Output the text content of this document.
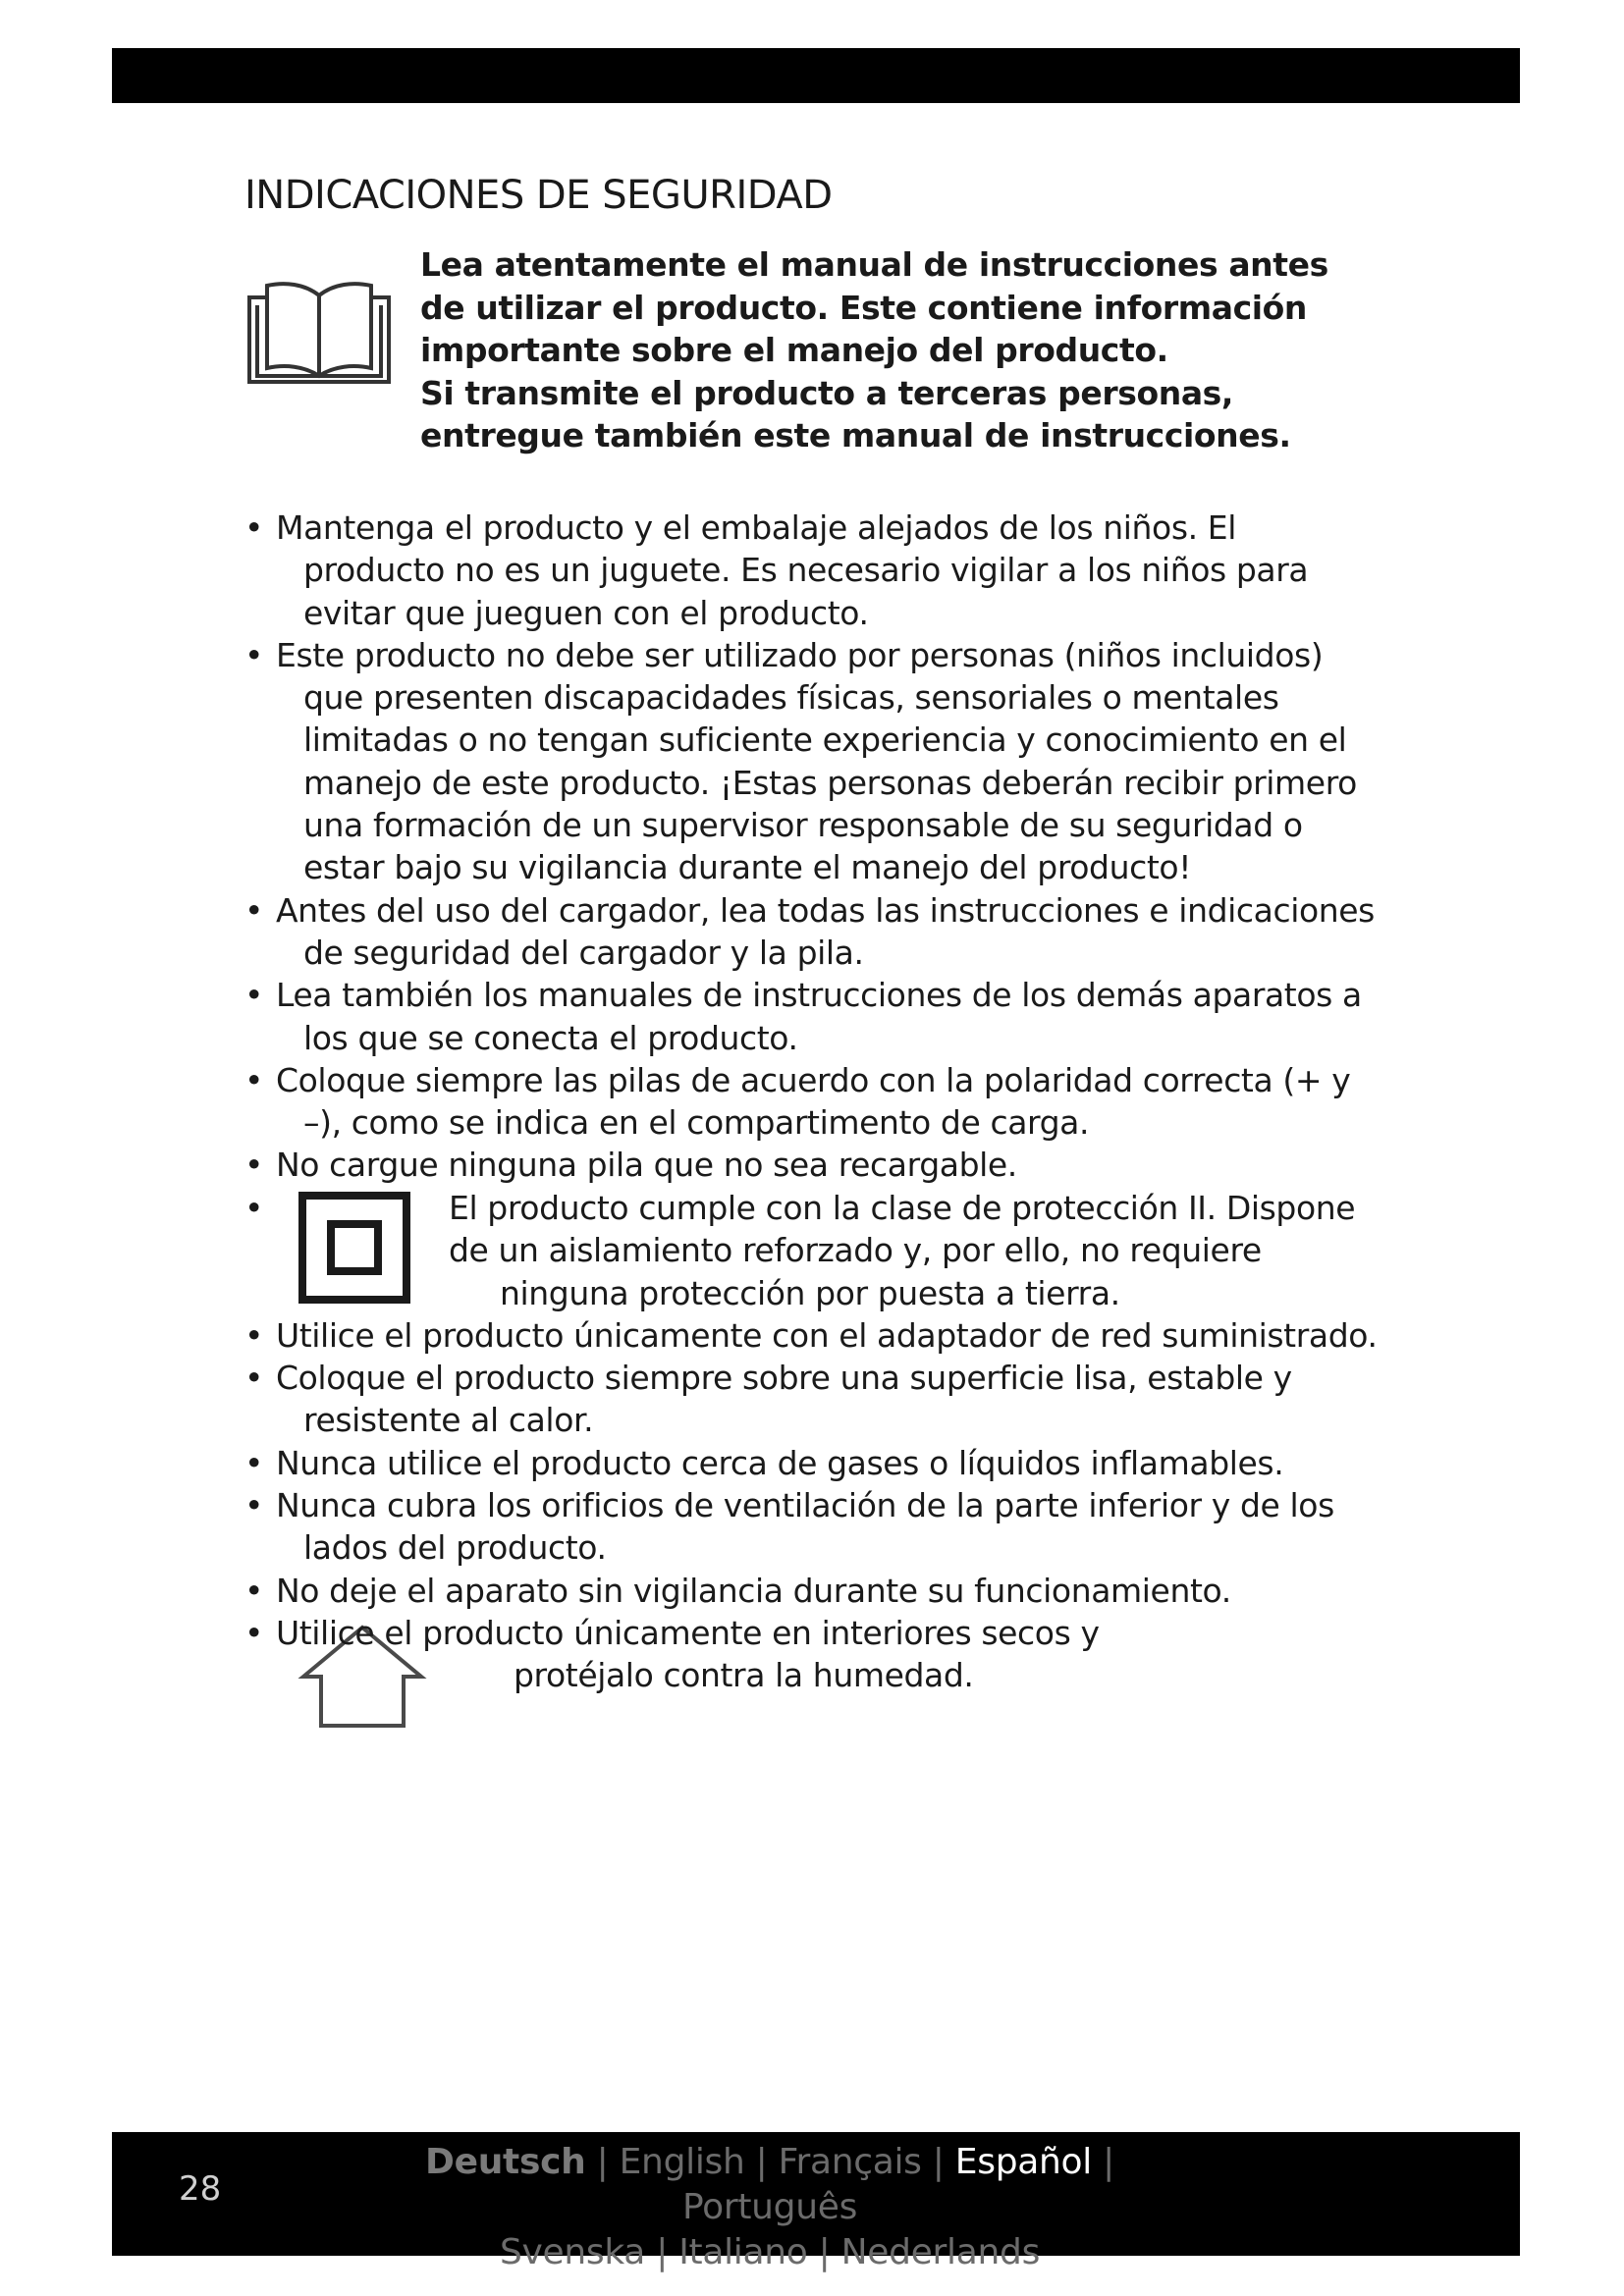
INDICACIONES DE SEGURIDAD

Lea atentamente el manual de instrucciones antes de utilizar el producto. Este contiene información importante sobre el manejo del producto.

Si transmite el producto a terceras personas, entregue también este manual de instrucciones.

• Mantenga el producto y el embalaje alejados de los niños. El producto no es un juguete. Es necesario vigilar a los niños para evitar que jueguen con el producto.
• Este producto no debe ser utilizado por personas (niños incluidos) que presenten discapacidades físicas, sensoriales o mentales limitadas o no tengan suficiente experiencia y conocimiento en el manejo de este producto. ¡Estas personas deberán recibir primero una formación de un supervisor responsable de su seguridad o estar bajo su vigilancia durante el manejo del producto!
• Antes del uso del cargador, lea todas las instrucciones e indicaciones de seguridad del cargador y la pila.
• Lea también los manuales de instrucciones de los demás aparatos a los que se conecta el producto.
• Coloque siempre las pilas de acuerdo con la polaridad correcta (+ y –), como se indica en el compartimento de carga.
• No cargue ninguna pila que no sea recargable.
•	El producto cumple con la clase de protección II. Dispone de un aislamiento reforzado y, por ello, no requiere
ninguna protección por puesta a tierra.
• Utilice el producto únicamente con el adaptador de red suministrado.
• Coloque el producto siempre sobre una superficie lisa, estable y resistente al calor.
• Nunca utilice el producto cerca de gases o líquidos inflamables.
• Nunca cubra los orificios de ventilación de la parte inferior y de los lados del producto.
• No deje el aparato sin vigilancia durante su funcionamiento.
• Utilice el producto únicamente en interiores secos y
protéjalo contra la humedad.
28
Deutsch | English | Français | Español | Português
Svenska | Italiano | Nederlands
